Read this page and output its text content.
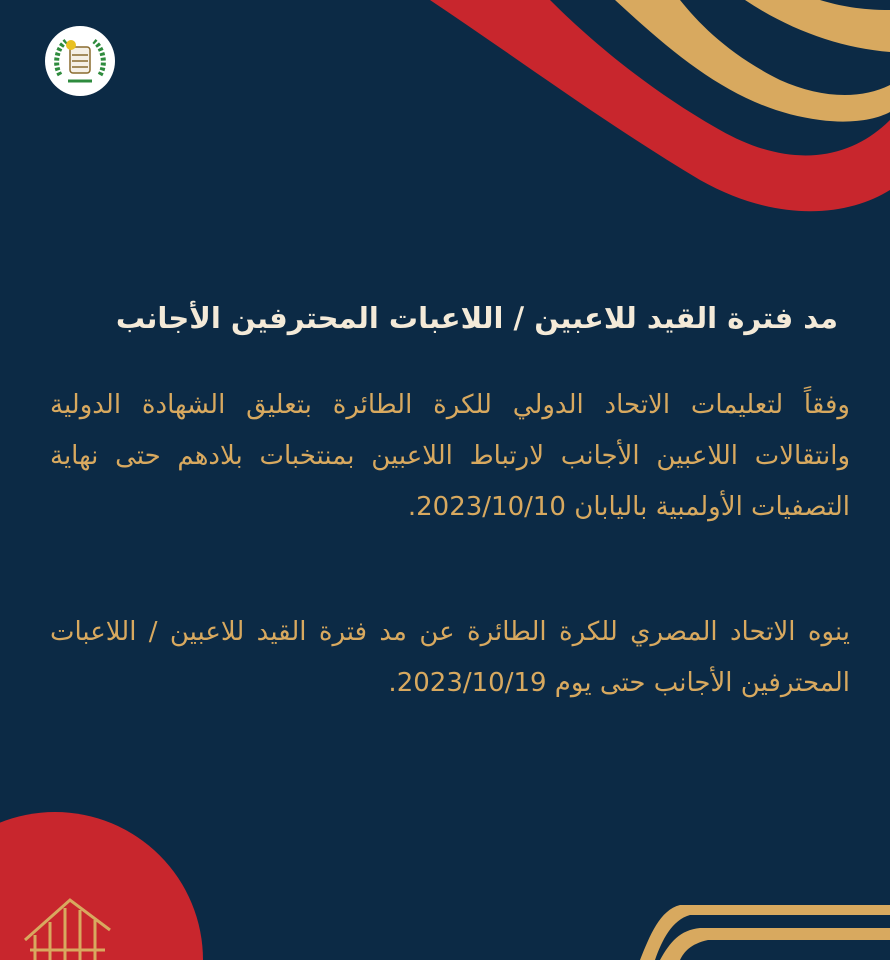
مد فترة القيد للاعبين / اللاعبات المحترفين الأجانب

وفقاً لتعليمات الاتحاد الدولي للكرة الطائرة بتعليق الشهادة الدولية وانتقالات اللاعبين الأجانب لارتباط اللاعبين بمنتخبات بلادهم حتى نهاية التصفيات الأولمبية باليابان 2023/10/10.

ينوه الاتحاد المصري للكرة الطائرة عن مد فترة القيد للاعبين / اللاعبات المحترفين الأجانب حتى يوم 2023/10/19.
